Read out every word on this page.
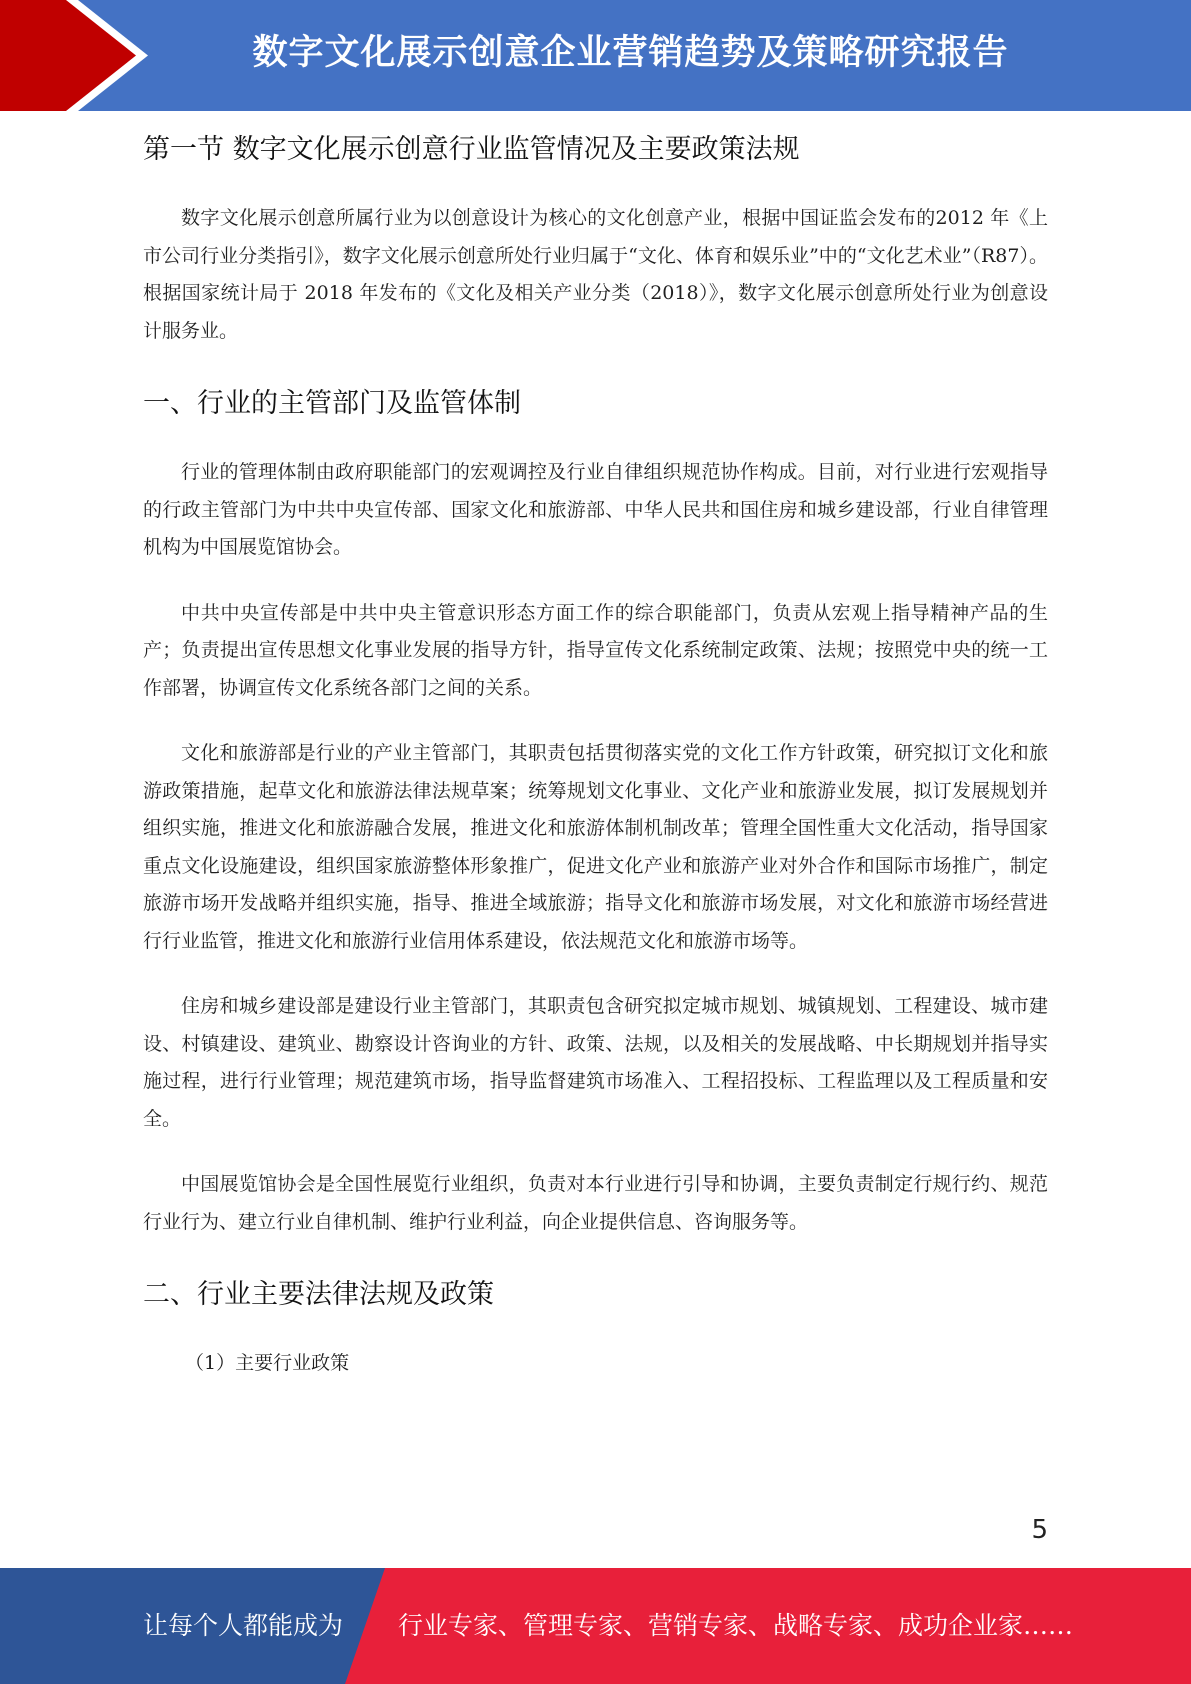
数字文化展示创意企业营销趋势及策略研究报告
第一节 数字文化展示创意行业监管情况及主要政策法规

数字文化展示创意所属行业为以创意设计为核心的文化创意产业，根据中国证监会发布的2012 年《上市公司行业分类指引》，数字文化展示创意所处行业归属于“文化、体育和娱乐业”中的“文化艺术业”（R87）。根据国家统计局于 2018 年发布的《文化及相关产业分类（2018）》，数字文化展示创意所处行业为创意设计服务业。

一、行业的主管部门及监管体制

行业的管理体制由政府职能部门的宏观调控及行业自律组织规范协作构成。目前，对行业进行宏观指导的行政主管部门为中共中央宣传部、国家文化和旅游部、中华人民共和国住房和城乡建设部，行业自律管理机构为中国展览馆协会。

中共中央宣传部是中共中央主管意识形态方面工作的综合职能部门，负责从宏观上指导精神产品的生产；负责提出宣传思想文化事业发展的指导方针，指导宣传文化系统制定政策、法规；按照党中央的统一工作部署，协调宣传文化系统各部门之间的关系。

文化和旅游部是行业的产业主管部门，其职责包括贯彻落实党的文化工作方针政策，研究拟订文化和旅游政策措施，起草文化和旅游法律法规草案；统筹规划文化事业、文化产业和旅游业发展，拟订发展规划并组织实施，推进文化和旅游融合发展，推进文化和旅游体制机制改革；管理全国性重大文化活动，指导国家重点文化设施建设，组织国家旅游整体形象推广，促进文化产业和旅游产业对外合作和国际市场推广，制定旅游市场开发战略并组织实施，指导、推进全域旅游；指导文化和旅游市场发展，对文化和旅游市场经营进行行业监管，推进文化和旅游行业信用体系建设，依法规范文化和旅游市场等。

住房和城乡建设部是建设行业主管部门，其职责包含研究拟定城市规划、城镇规划、工程建设、城市建设、村镇建设、建筑业、勘察设计咨询业的方针、政策、法规，以及相关的发展战略、中长期规划并指导实施过程，进行行业管理；规范建筑市场，指导监督建筑市场准入、工程招投标、工程监理以及工程质量和安全。

中国展览馆协会是全国性展览行业组织，负责对本行业进行引导和协调，主要负责制定行规行约、规范行业行为、建立行业自律机制、维护行业利益，向企业提供信息、咨询服务等。

二、行业主要法律法规及政策

（1）主要行业政策

5
让每个人都能成为 行业专家、管理专家、营销专家、战略专家、成功企业家……
